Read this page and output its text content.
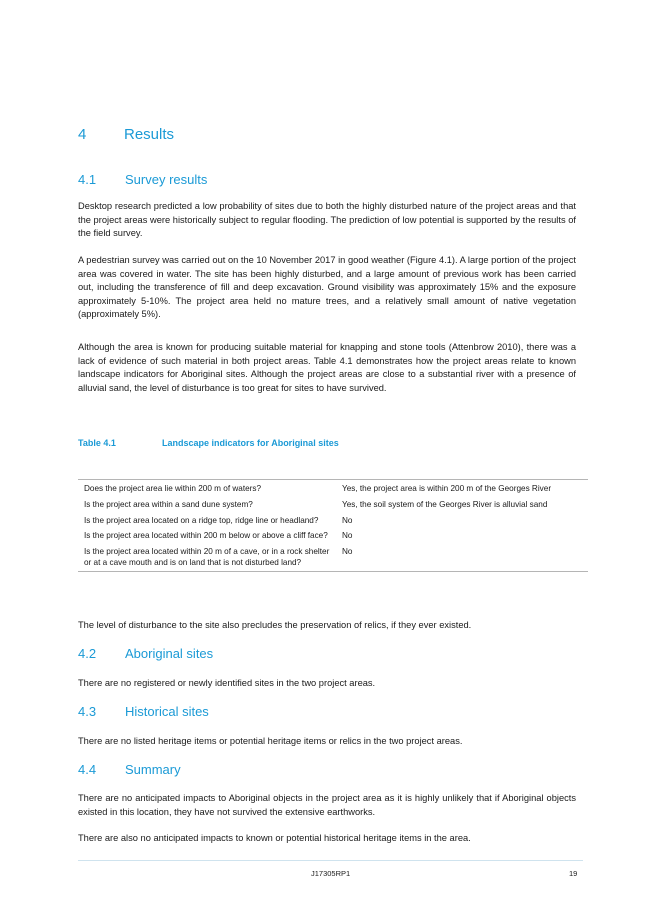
4	Results
4.1 Survey results

Desktop research predicted a low probability of sites due to both the highly disturbed nature of the project areas and that the project areas were historically subject to regular flooding. The prediction of low potential is supported by the results of the field survey.

A pedestrian survey was carried out on the 10 November 2017 in good weather (Figure 4.1). A large portion of the project area was covered in water. The site has been highly disturbed, and a large amount of previous work has been carried out, including the transference of fill and deep excavation. Ground visibility was approximately 15% and the exposure approximately 5-10%. The project area held no mature trees, and a relatively small amount of native vegetation (approximately 5%).

Although the area is known for producing suitable material for knapping and stone tools (Attenbrow 2010), there was a lack of evidence of such material in both project areas. Table 4.1 demonstrates how the project areas relate to known landscape indicators for Aboriginal sites. Although the project areas are close to a substantial river with a presence of alluvial sand, the level of disturbance is too great for sites to have survived.

Table 4.1	Landscape indicators for Aboriginal sites
Does the project area lie within 200 m of waters?	Yes, the project area is within 200 m of the Georges River
Is the project area within a sand dune system?	Yes, the soil system of the Georges River is alluvial sand
Is the project area located on a ridge top, ridge line or headland?	No
Is the project area located within 200 m below or above a cliff face?	No
Is the project area located within 20 m of a cave, or in a rock shelter or at a cave mouth and is on land that is not disturbed land?	No

The level of disturbance to the site also precludes the preservation of relics, if they ever existed.

4.2 Aboriginal sites

There are no registered or newly identified sites in the two project areas.

4.3 Historical sites

There are no listed heritage items or potential heritage items or relics in the two project areas.

4.4 Summary

There are no anticipated impacts to Aboriginal objects in the project area as it is highly unlikely that if Aboriginal objects existed in this location, they have not survived the extensive earthworks.

There are also no anticipated impacts to known or potential historical heritage items in the area.

J17305RP1	19
